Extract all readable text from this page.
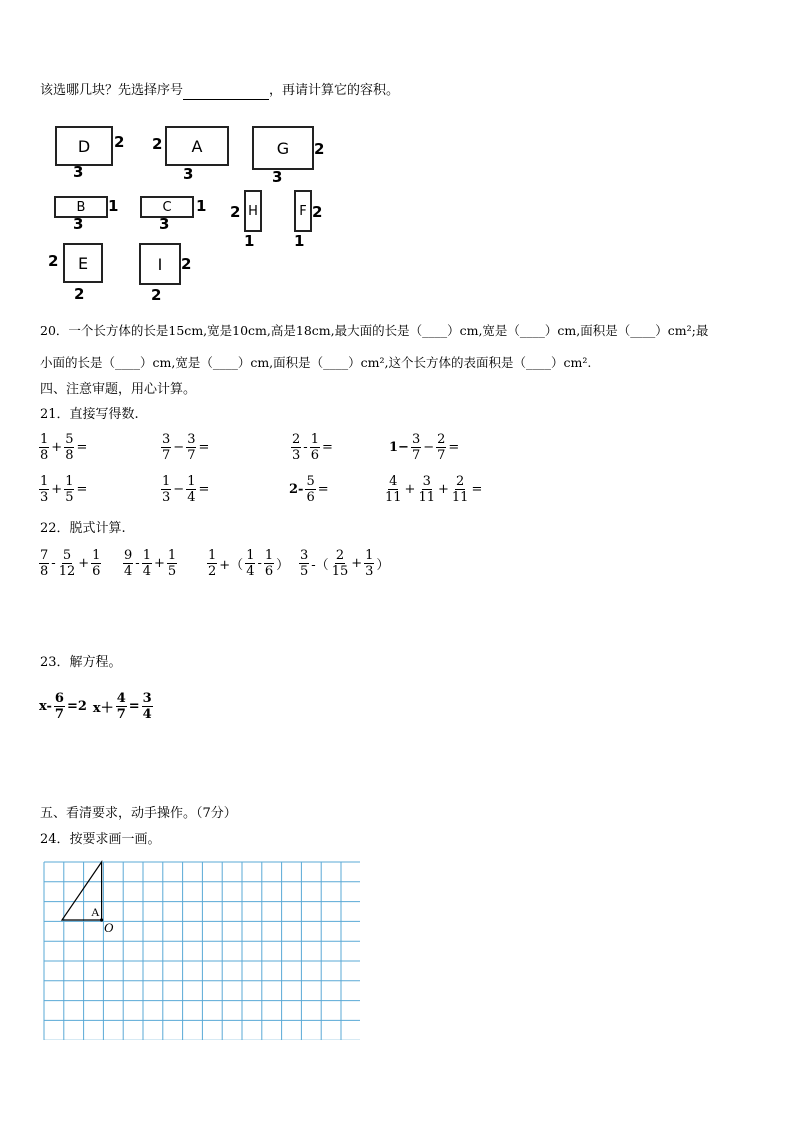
该选哪几块？先选择序号	，再请计算它的容积。
D 2
3
A
2
3
G 2
3
B 1
3
C 1
3
H
2
1
F 2
1
E
2
2
I 2
2
20．一个长方体的长是15cm,宽是10cm,高是18cm,最大面的长是（____）cm,宽是（____）cm,面积是（____）cm²;最
小面的长是（____）cm,宽是（____）cm,面积是（____）cm²,这个长方体的表面积是（____）cm².
四、注意审题，用心计算。
21．直接写得数.
$\frac{1}{8} + \frac{5}{8}$ =	$\frac{3}{7} - \frac{3}{7}$ =	$\frac{2}{3} - \frac{1}{6}$ =	$1- \frac{3}{7} - \frac{2}{7}$ =
$\frac{1}{3} + \frac{1}{5}$ =	$\frac{1}{3} - \frac{1}{4}$ =	$2- \frac{5}{6}$ =	$\frac{4}{11} + \frac{3}{11} + \frac{2}{11}$ =
22．脱式计算.
$\frac{7}{8} - \frac{5}{12} + \frac{1}{6} \frac{9}{4} - \frac{1}{4} + \frac{1}{5} \frac{1}{2}$ +（ $\frac{1}{4} - \frac{1}{6}$ ） $\frac{3}{5}$ -（ $\frac{2}{15} + \frac{1}{3}$ ）
23．解方程。
$x- \frac{6}{7} =2$ $x+ \frac{4}{7} = \frac{3}{4}$
五、看清要求，动手操作。（7分）
24．按要求画一画。
A
O
